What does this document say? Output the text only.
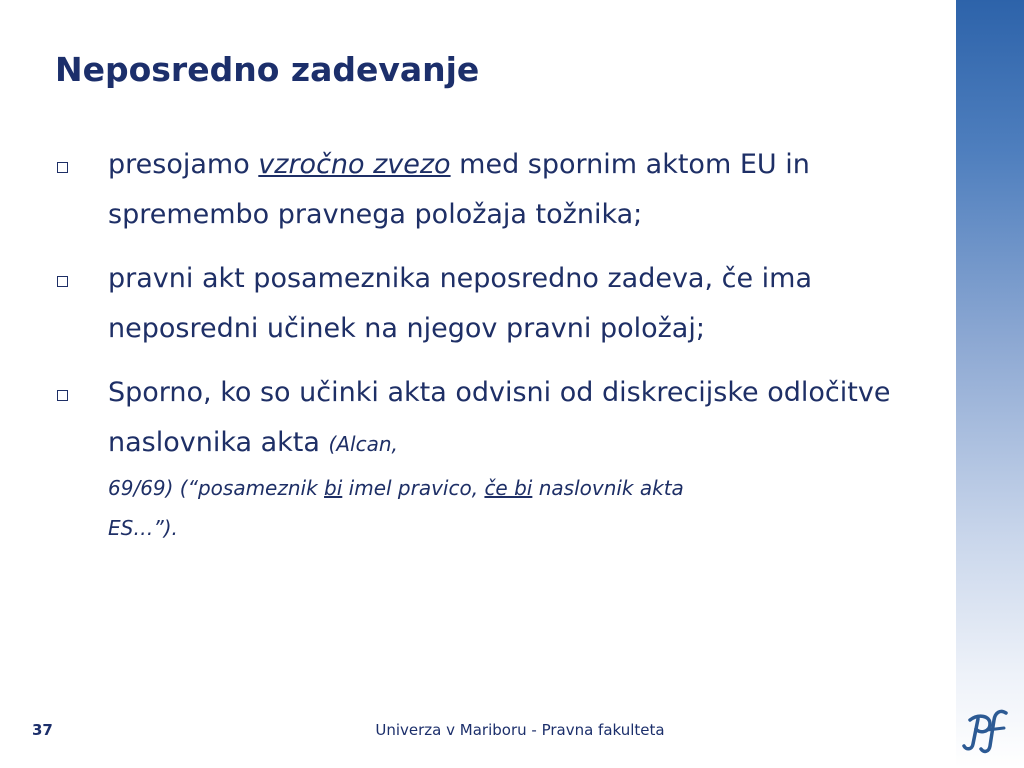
Neposredno zadevanje
presojamo vzročno zvezo med spornim aktom EU in spremembo pravnega položaja tožnika;
pravni akt posameznika neposredno zadeva, če ima neposredni učinek na njegov pravni položaj;
Sporno, ko so učinki akta odvisni od diskrecijske odločitve naslovnika akta (Alcan,
69/69) (“posameznik bi imel pravico, če bi naslovnik akta
ES…”).
37	Univerza v Mariboru - Pravna fakulteta
